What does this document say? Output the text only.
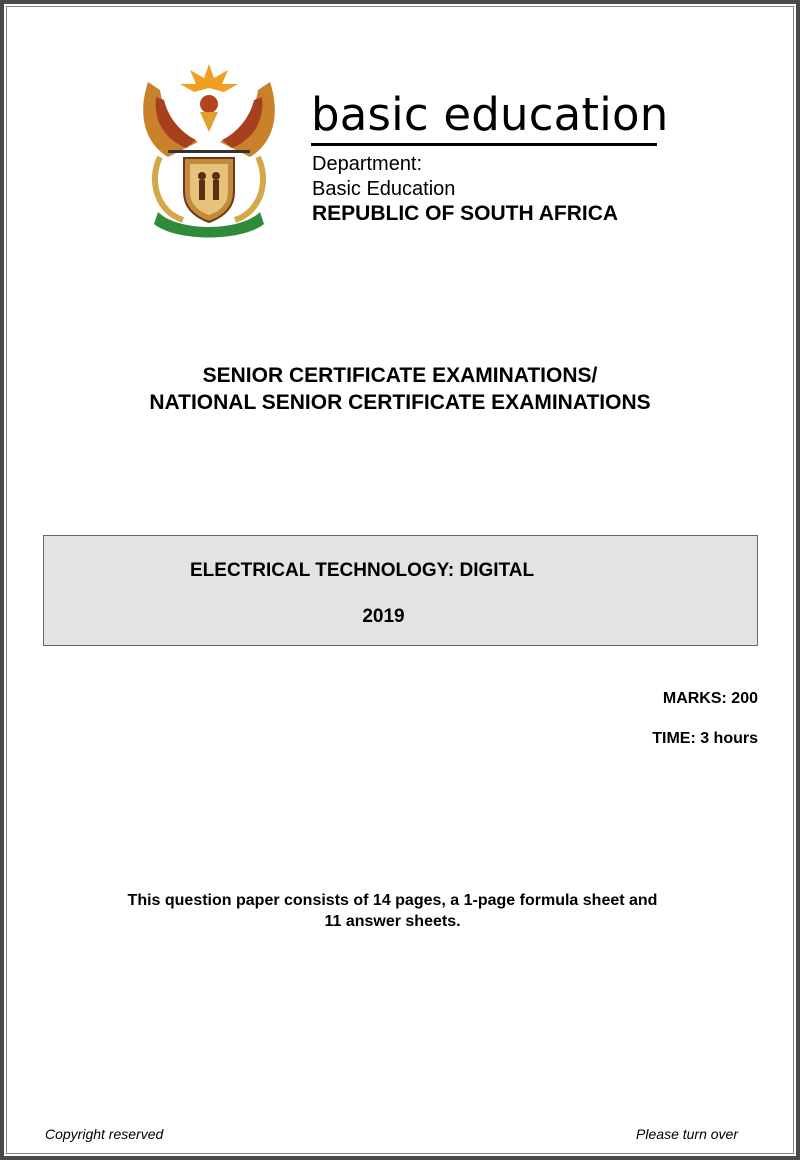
basic education
Department:
Basic Education
REPUBLIC OF SOUTH AFRICA
SENIOR CERTIFICATE EXAMINATIONS/
NATIONAL SENIOR CERTIFICATE EXAMINATIONS
ELECTRICAL TECHNOLOGY: DIGITAL
2019
MARKS: 200
TIME: 3 hours
This question paper consists of 14 pages, a 1-page formula sheet and
11 answer sheets.
Copyright reserved	Please turn over
